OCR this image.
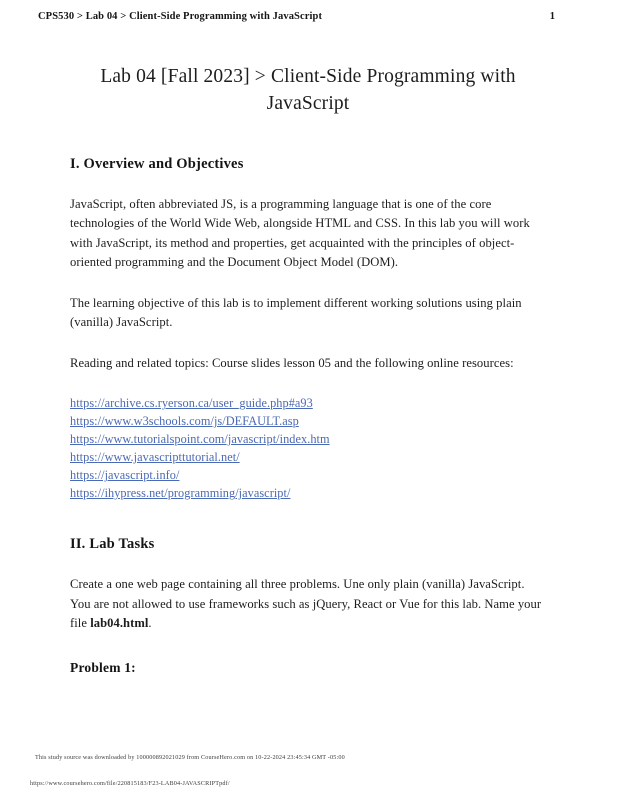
CPS530 > Lab 04 > Client-Side Programming with JavaScript	1
Lab 04 [Fall 2023] > Client-Side Programming with JavaScript
I. Overview and Objectives

JavaScript, often abbreviated JS, is a programming language that is one of the core technologies of the World Wide Web, alongside HTML and CSS. In this lab you will work with JavaScript, its method and properties, get acquainted with the principles of object-oriented programming and the Document Object Model (DOM).

The learning objective of this lab is to implement different working solutions using plain (vanilla) JavaScript.

Reading and related topics: Course slides lesson 05 and the following online resources:

https://archive.cs.ryerson.ca/user_guide.php#a93
https://www.w3schools.com/js/DEFAULT.asp
https://www.tutorialspoint.com/javascript/index.htm
https://www.javascripttutorial.net/
https://javascript.info/
https://ihypress.net/programming/javascript/
II. Lab Tasks

Create a one web page containing all three problems. Une only plain (vanilla) JavaScript. You are not allowed to use frameworks such as jQuery, React or Vue for this lab. Name your file lab04.html.

Problem 1:
This study source was downloaded by 100000892021029 from CourseHero.com on 10-22-2024 23:45:34 GMT -05:00
https://www.coursehero.com/file/220815183/F23-LAB04-JAVASCRIPTpdf/
